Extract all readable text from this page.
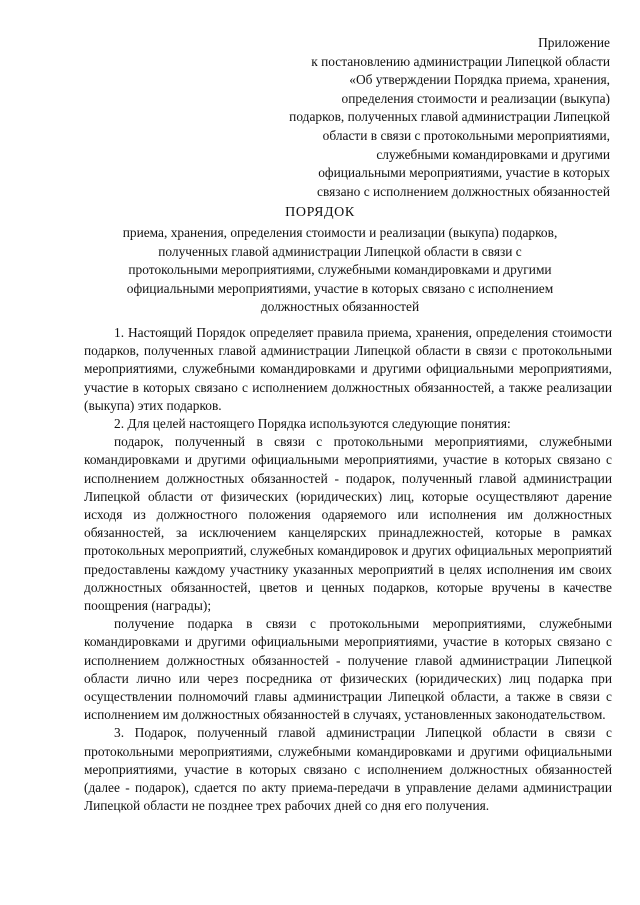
Приложение
к постановлению администрации Липецкой области
«Об утверждении Порядка приема, хранения,
определения стоимости и реализации (выкупа)
подарков, полученных главой администрации Липецкой
области в связи с протокольными мероприятиями,
служебными командировками и другими
официальными мероприятиями, участие в которых
связано с исполнением должностных обязанностей
ПОРЯДОК
приема, хранения, определения стоимости и реализации (выкупа) подарков,
полученных главой администрации Липецкой области в связи с
протокольными мероприятиями, служебными командировками и другими
официальными мероприятиями, участие в которых связано с исполнением
должностных обязанностей

1. Настоящий Порядок определяет правила приема, хранения, определения стоимости подарков, полученных главой администрации Липецкой области в связи с протокольными мероприятиями, служебными командировками и другими официальными мероприятиями, участие в которых связано с исполнением должностных обязанностей, а также реализации (выкупа) этих подарков.

2. Для целей настоящего Порядка используются следующие понятия:

подарок, полученный в связи с протокольными мероприятиями, служебными командировками и другими официальными мероприятиями, участие в которых связано с исполнением должностных обязанностей - подарок, полученный главой администрации Липецкой области от физических (юридических) лиц, которые осуществляют дарение исходя из должностного положения одаряемого или исполнения им должностных обязанностей, за исключением канцелярских принадлежностей, которые в рамках протокольных мероприятий, служебных командировок и других официальных мероприятий предоставлены каждому участнику указанных мероприятий в целях исполнения им своих должностных обязанностей, цветов и ценных подарков, которые вручены в качестве поощрения (награды);

получение подарка в связи с протокольными мероприятиями, служебными командировками и другими официальными мероприятиями, участие в которых связано с исполнением должностных обязанностей - получение главой администрации Липецкой области лично или через посредника от физических (юридических) лиц подарка при осуществлении полномочий главы администрации Липецкой области, а также в связи с исполнением им должностных обязанностей в случаях, установленных законодательством.

3. Подарок, полученный главой администрации Липецкой области в связи с протокольными мероприятиями, служебными командировками и другими официальными мероприятиями, участие в которых связано с исполнением должностных обязанностей (далее - подарок), сдается по акту приема-передачи в управление делами администрации Липецкой области не позднее трех рабочих дней со дня его получения.
